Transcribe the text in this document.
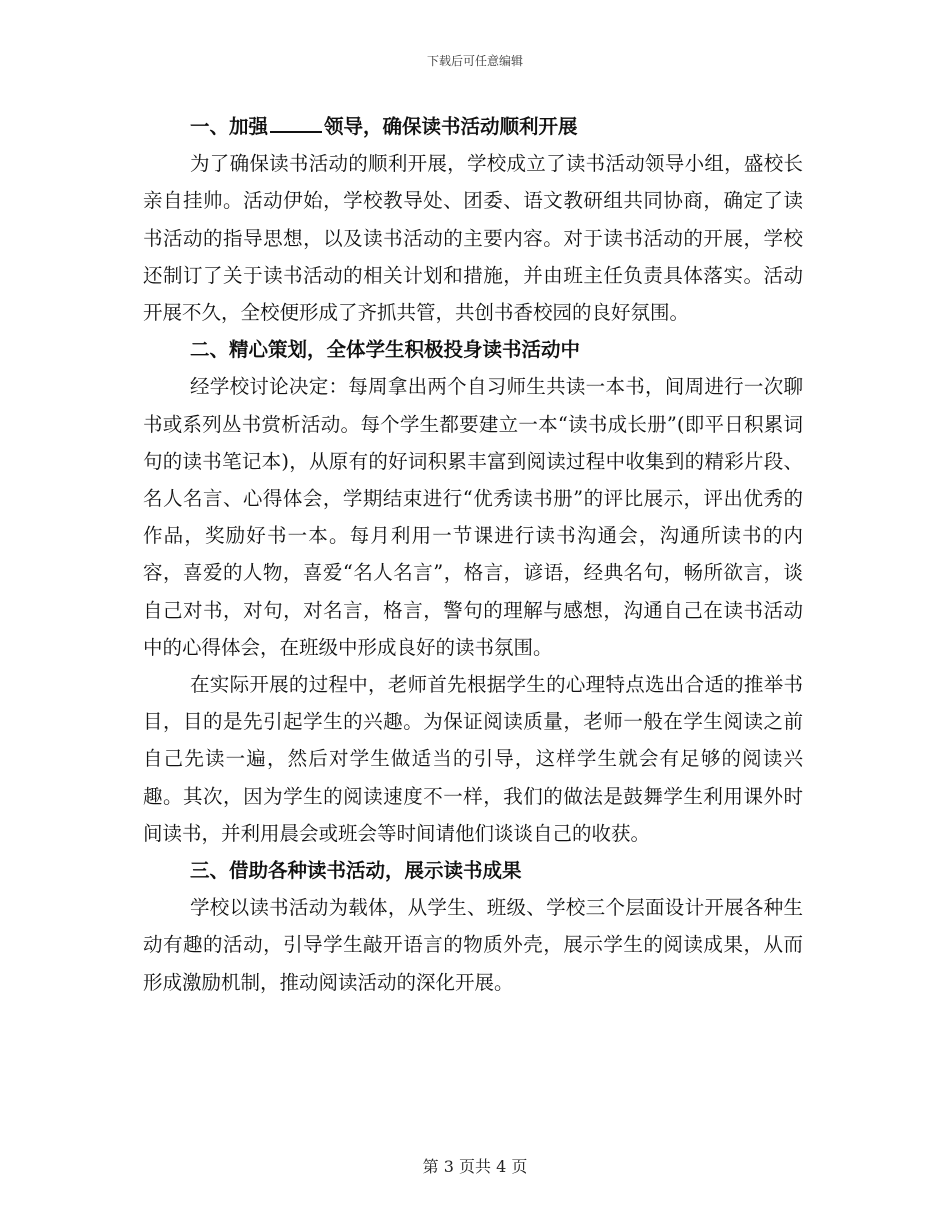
下载后可任意编辑
一、加强	领导，确保读书活动顺利开展

为了确保读书活动的顺利开展，学校成立了读书活动领导小组，盛校长亲自挂帅。活动伊始，学校教导处、团委、语文教研组共同协商，确定了读书活动的指导思想，以及读书活动的主要内容。对于读书活动的开展，学校还制订了关于读书活动的相关计划和措施，并由班主任负责具体落实。活动开展不久，全校便形成了齐抓共管，共创书香校园的良好氛围。

二、精心策划，全体学生积极投身读书活动中

经学校讨论决定：每周拿出两个自习师生共读一本书，间周进行一次聊书或系列丛书赏析活动。每个学生都要建立一本“读书成长册”(即平日积累词句的读书笔记本)，从原有的好词积累丰富到阅读过程中收集到的精彩片段、名人名言、心得体会，学期结束进行“优秀读书册”的评比展示，评出优秀的作品，奖励好书一本。每月利用一节课进行读书沟通会，沟通所读书的内容，喜爱的人物，喜爱“名人名言”，格言，谚语，经典名句，畅所欲言，谈自己对书，对句，对名言，格言，警句的理解与感想，沟通自己在读书活动中的心得体会，在班级中形成良好的读书氛围。

在实际开展的过程中，老师首先根据学生的心理特点选出合适的推举书目，目的是先引起学生的兴趣。为保证阅读质量，老师一般在学生阅读之前自己先读一遍，然后对学生做适当的引导，这样学生就会有足够的阅读兴趣。其次，因为学生的阅读速度不一样，我们的做法是鼓舞学生利用课外时间读书，并利用晨会或班会等时间请他们谈谈自己的收获。

三、借助各种读书活动，展示读书成果

学校以读书活动为载体，从学生、班级、学校三个层面设计开展各种生动有趣的活动，引导学生敲开语言的物质外壳，展示学生的阅读成果，从而形成激励机制，推动阅读活动的深化开展。

第 3 页共 4 页
